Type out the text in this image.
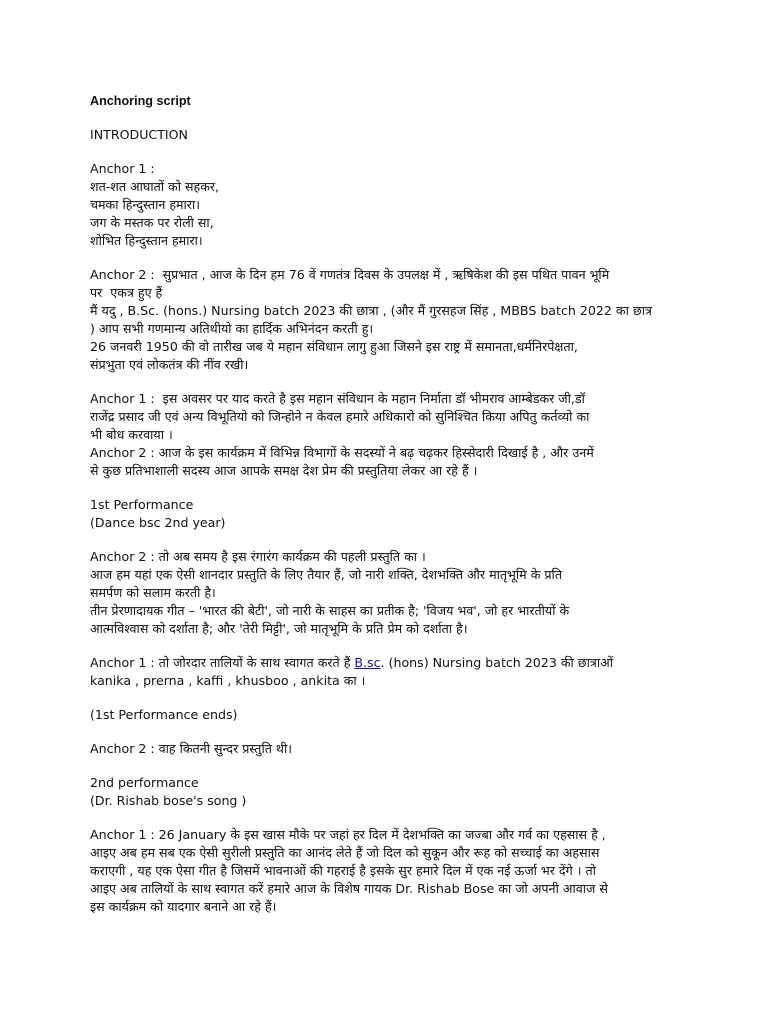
Anchoring script
INTRODUCTION
Anchor 1 :
शत-शत आघातों को सहकर,
चमका हिन्दुस्तान हमारा।
जग के मस्तक पर रोली सा,
शोभित हिन्दुस्तान हमारा।
Anchor 2 :  सुप्रभात , आज के दिन हम 76 वें गणतंत्र दिवस के उपलक्ष में , ऋषिकेश की इस पथित पावन भूमि
पर  एकत्र हुए हैं
मैं यदु , B.Sc. (hons.) Nursing batch 2023 की छात्रा , (और मैं गुरसहज सिंह , MBBS batch 2022 का छात्र
) आप सभी गणमान्य अतिथीयो का हार्दिक अभिनंदन करती हु।
26 जनवरी 1950 की वो तारीख जब ये महान संविधान लागु हुआ जिसने इस राष्ट्र में समानता,धर्मनिरपेक्षता,
संप्रभुता एवं लोकतंत्र की नींव रखी।
Anchor 1 :  इस अवसर पर याद करते है इस महान संविधान के महान निर्माता डॉ भीमराव आम्बेडकर जी,डॉ
राजेंद्र प्रसाद जी एवं अन्य विभूतियो को जिन्होने न केवल हमारे अधिकारो को सुनिश्चित किया अपितु कर्तव्यो का
भी बोध करवाया ।
Anchor 2 : आज के इस कार्यक्रम में विभिन्न विभागों के सदस्यों ने बढ़ चढ़कर हिस्सेदारी दिखाई है , और उनमें
से कुछ प्रतिभाशाली सदस्य आज आपके समक्ष देश प्रेम की प्रस्तुतिया लेकर आ रहे हैं ।
1st Performance
(Dance bsc 2nd year)
Anchor 2 : तो अब समय है इस रंगारंग कार्यक्रम की पहली प्रस्तुति का ।
आज हम यहां एक ऐसी शानदार प्रस्तुति के लिए तैयार हैं, जो नारी शक्ति, देशभक्ति और मातृभूमि के प्रति
समर्पण को सलाम करती है।
तीन प्रेरणादायक गीत – 'भारत की बेटी', जो नारी के साहस का प्रतीक है; 'विजय भव', जो हर भारतीयों के
आत्मविश्वास को दर्शाता है; और 'तेरी मिट्टी', जो मातृभूमि के प्रति प्रेम को दर्शाता है।
Anchor 1 : तो जोरदार तालियों के साथ स्वागत करते हैं B.sc. (hons) Nursing batch 2023 की छात्राओं
kanika , prerna , kaffi , khusboo , ankita का ।
(1st Performance ends)
Anchor 2 : वाह कितनी सुन्दर प्रस्तुति थी।
2nd performance
(Dr. Rishab bose's song )
Anchor 1 : 26 January के इस खास मौके पर जहां हर दिल में देशभक्ति का जज्बा और गर्व का एहसास है ,
आइए अब हम सब एक ऐसी सुरीली प्रस्तुति का आनंद लेते हैं जो दिल को सुकून और रूह को सच्चाई का अहसास
कराएगी , यह एक ऐसा गीत है जिसमें भावनाओं की गहराई है इसके सुर हमारे दिल में एक नई ऊर्जा भर देंगे । तो
आइए अब तालियों के साथ स्वागत करें हमारे आज के विशेष गायक Dr. Rishab Bose का जो अपनी आवाज से
इस कार्यक्रम को यादगार बनाने आ रहे हैं।
